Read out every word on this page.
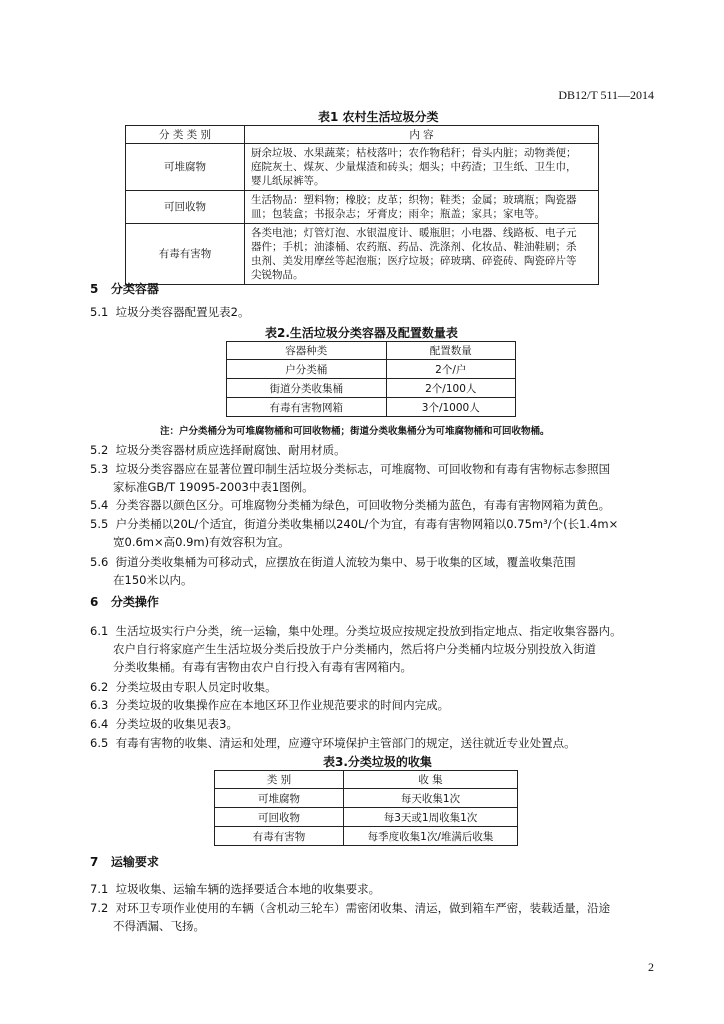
DB12/T 511—2014
表1 农村生活垃圾分类
分 类 类 别	内 容
可堆腐物	厨余垃圾、水果蔬菜；枯枝落叶；农作物秸秆；骨头内脏；动物粪便；
庭院灰土、煤灰、少量煤渣和砖头；烟头；中药渣；卫生纸、卫生巾，
婴儿纸尿裤等。

可回收物	生活物品：塑料物；橡胶；皮革；织物；鞋类；金属；玻璃瓶；陶瓷器
皿；包装盒；书报杂志；牙膏皮；雨伞；瓶盖；家具；家电等。

有毒有害物	各类电池；灯管灯泡、水银温度计、暖瓶胆；小电器、线路板、电子元
器件；手机；油漆桶、农药瓶、药品、洗涤剂、化妆品、鞋油鞋刷；杀
虫剂、美发用摩丝等起泡瓶；医疗垃圾；碎玻璃、碎瓷砖、陶瓷碎片等
尖锐物品。
5 分类容器
5.1 垃圾分类容器配置见表2。
表2.生活垃圾分类容器及配置数量表
容器种类	配置数量
户分类桶	2个/户
街道分类收集桶	2个/100人
有毒有害物网箱	3个/1000人
注：户分类桶分为可堆腐物桶和可回收物桶；街道分类收集桶分为可堆腐物桶和可回收物桶。
5.2 垃圾分类容器材质应选择耐腐蚀、耐用材质。
5.3 垃圾分类容器应在显著位置印制生活垃圾分类标志，可堆腐物、可回收物和有毒有害物标志参照国
家标准GB/T 19095-2003中表1图例。
5.4 分类容器以颜色区分。可堆腐物分类桶为绿色，可回收物分类桶为蓝色，有毒有害物网箱为黄色。
5.5 户分类桶以20L/个适宜，街道分类收集桶以240L/个为宜，有毒有害物网箱以0.75m³/个(长1.4m×
宽0.6m×高0.9m)有效容积为宜。
5.6 街道分类收集桶为可移动式，应摆放在街道人流较为集中、易于收集的区域，覆盖收集范围
在150米以内。
6 分类操作
6.1 生活垃圾实行户分类，统一运输，集中处理。分类垃圾应按规定投放到指定地点、指定收集容器内。
农户自行将家庭产生生活垃圾分类后投放于户分类桶内，然后将户分类桶内垃圾分别投放入街道
分类收集桶。有毒有害物由农户自行投入有毒有害网箱内。
6.2 分类垃圾由专职人员定时收集。
6.3 分类垃圾的收集操作应在本地区环卫作业规范要求的时间内完成。
6.4 分类垃圾的收集见表3。
6.5 有毒有害物的收集、清运和处理，应遵守环境保护主管部门的规定，送往就近专业处置点。
表3.分类垃圾的收集
类 别	收 集
可堆腐物	每天收集1次
可回收物	每3天或1周收集1次
有毒有害物	每季度收集1次/堆满后收集
7 运输要求
7.1 垃圾收集、运输车辆的选择要适合本地的收集要求。
7.2 对环卫专项作业使用的车辆（含机动三轮车）需密闭收集、清运，做到箱车严密，装载适量，沿途
不得洒漏、飞扬。
2
